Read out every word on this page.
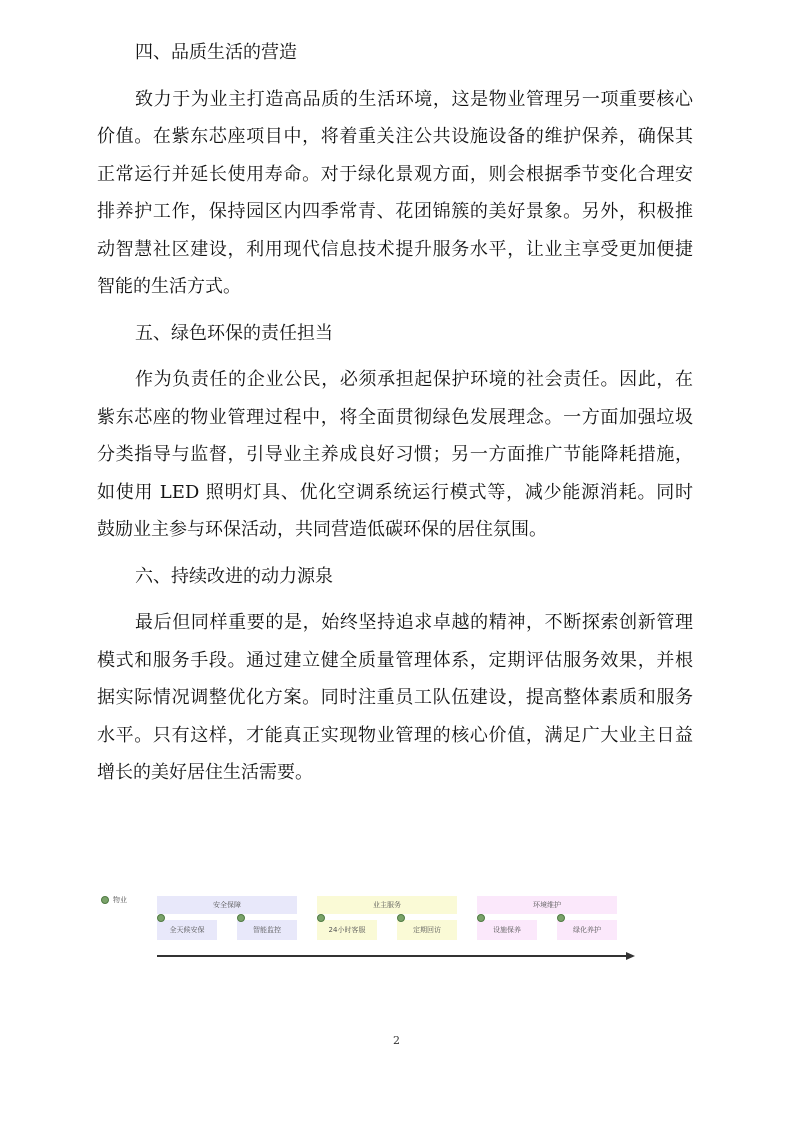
四、品质生活的营造
致力于为业主打造高品质的生活环境，这是物业管理另一项重要核心
价值。在紫东芯座项目中，将着重关注公共设施设备的维护保养，确保其
正常运行并延长使用寿命。对于绿化景观方面，则会根据季节变化合理安
排养护工作，保持园区内四季常青、花团锦簇的美好景象。另外，积极推
动智慧社区建设，利用现代信息技术提升服务水平，让业主享受更加便捷
智能的生活方式。
五、绿色环保的责任担当
作为负责任的企业公民，必须承担起保护环境的社会责任。因此，在
紫东芯座的物业管理过程中，将全面贯彻绿色发展理念。一方面加强垃圾
分类指导与监督，引导业主养成良好习惯；另一方面推广节能降耗措施，
如使用 LED 照明灯具、优化空调系统运行模式等，减少能源消耗。同时
鼓励业主参与环保活动，共同营造低碳环保的居住氛围。
六、持续改进的动力源泉
最后但同样重要的是，始终坚持追求卓越的精神，不断探索创新管理
模式和服务手段。通过建立健全质量管理体系，定期评估服务效果，并根
据实际情况调整优化方案。同时注重员工队伍建设，提高整体素质和服务
水平。只有这样，才能真正实现物业管理的核心价值，满足广大业主日益
增长的美好居住生活需要。
物业
安全保障
全天候安保	智能监控
业主服务
24小时客服	定期回访
环境维护
设施保养	绿化养护
2
